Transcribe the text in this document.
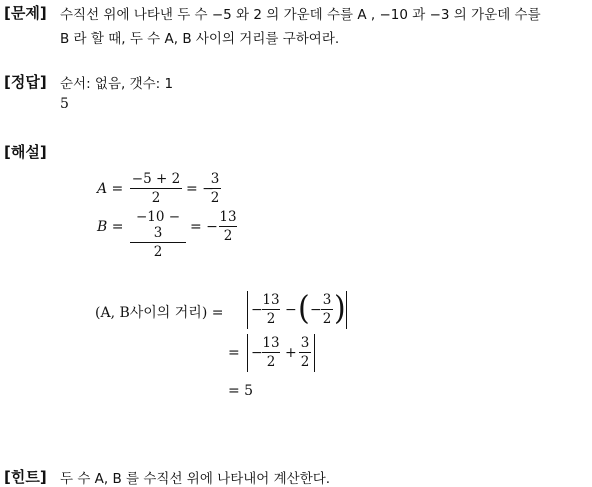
[문제] 수직선 위에 나타낸 두 수 −5 와 2 의 가운데 수를 A , −10 과 −3 의 가운데 수를
B 라 할 때, 두 수 A, B 사이의 거리를 구하여라.
[정답] 순서: 없음, 갯수: 1
5
[해설]
A =
−5 + 2
2
= −
3
2
B =
−10 − 3
2
= −
13
2
(A, B사이의 거리) = −
13
2
− ( −
3
2 )
= −
13
2
+
3
2
= 5
[힌트] 두 수 A, B 를 수직선 위에 나타내어 계산한다.
